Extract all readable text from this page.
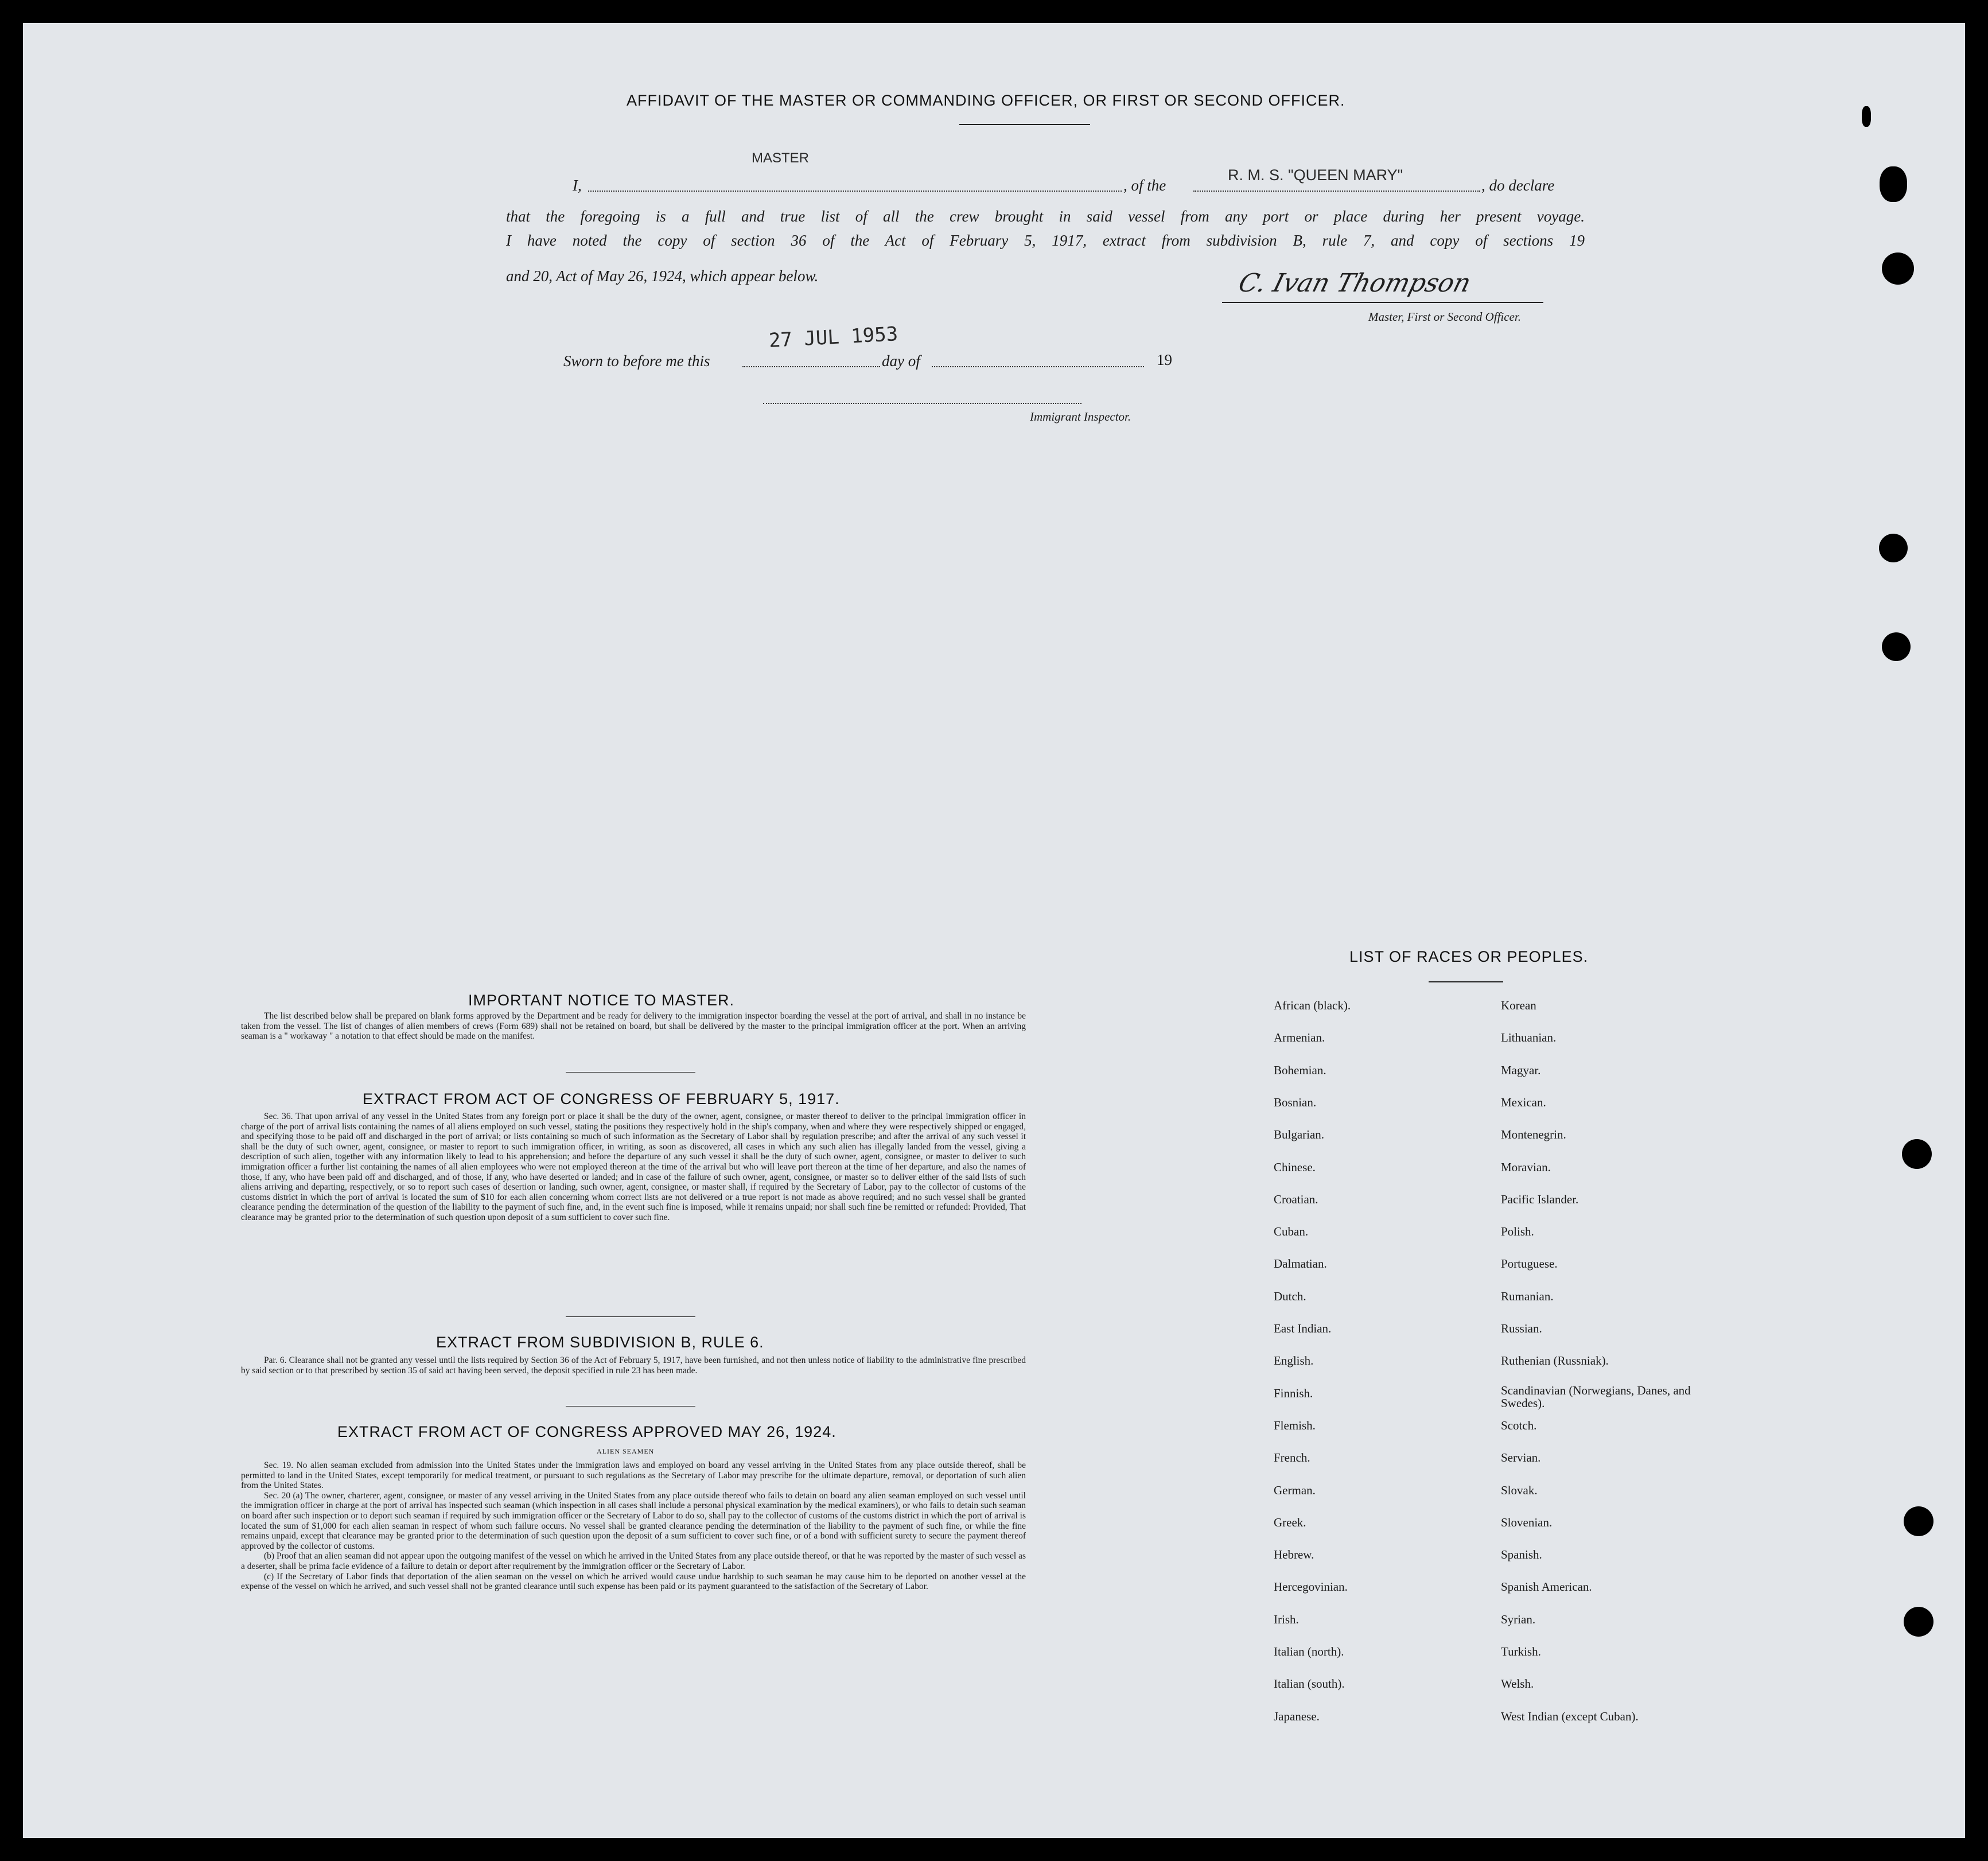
AFFIDAVIT OF THE MASTER OR COMMANDING OFFICER, OR FIRST OR SECOND OFFICER.
I,
MASTER
, of the
R. M. S. "QUEEN MARY"
, do declare
that the foregoing is a full and true list of all the crew brought in said vessel from any port or place during her present voyage.
I have noted the copy of section 36 of the Act of February 5, 1917, extract from subdivision B, rule 7, and copy of sections 19
and 20, Act of May 26, 1924, which appear below.	C. Ivan Thompson
Master, First or Second Officer.
Sworn to before me this
27 JUL 1953
day of	19
Immigrant Inspector.
IMPORTANT NOTICE TO MASTER.

The list described below shall be prepared on blank forms approved by the Department and be ready for delivery to the immigration inspector boarding the vessel at the port of arrival, and shall in no instance be taken from the vessel. The list of changes of alien members of crews (Form 689) shall not be retained on board, but shall be delivered by the master to the principal immigration officer at the port. When an arriving seaman is a " workaway " a notation to that effect should be made on the manifest.

EXTRACT FROM ACT OF CONGRESS OF FEBRUARY 5, 1917.

Sec. 36. That upon arrival of any vessel in the United States from any foreign port or place it shall be the duty of the owner, agent, consignee, or master thereof to deliver to the principal immigration officer in charge of the port of arrival lists containing the names of all aliens employed on such vessel, stating the positions they respectively hold in the ship's company, when and where they were respectively shipped or engaged, and specifying those to be paid off and discharged in the port of arrival; or lists containing so much of such information as the Secretary of Labor shall by regulation prescribe; and after the arrival of any such vessel it shall be the duty of such owner, agent, consignee, or master to report to such immigration officer, in writing, as soon as discovered, all cases in which any such alien has illegally landed from the vessel, giving a description of such alien, together with any information likely to lead to his apprehension; and before the departure of any such vessel it shall be the duty of such owner, agent, consignee, or master to deliver to such immigration officer a further list containing the names of all alien employees who were not employed thereon at the time of the arrival but who will leave port thereon at the time of her departure, and also the names of those, if any, who have been paid off and discharged, and of those, if any, who have deserted or landed; and in case of the failure of such owner, agent, consignee, or master so to deliver either of the said lists of such aliens arriving and departing, respectively, or so to report such cases of desertion or landing, such owner, agent, consignee, or master shall, if required by the Secretary of Labor, pay to the collector of customs of the customs district in which the port of arrival is located the sum of $10 for each alien concerning whom correct lists are not delivered or a true report is not made as above required; and no such vessel shall be granted clearance pending the determination of the question of the liability to the payment of such fine, and, in the event such fine is imposed, while it remains unpaid; nor shall such fine be remitted or refunded: Provided, That clearance may be granted prior to the determination of such question upon deposit of a sum sufficient to cover such fine.

EXTRACT FROM SUBDIVISION B, RULE 6.

Par. 6. Clearance shall not be granted any vessel until the lists required by Section 36 of the Act of February 5, 1917, have been furnished, and not then unless notice of liability to the administrative fine prescribed by said section or to that prescribed by section 35 of said act having been served, the deposit specified in rule 23 has been made.

EXTRACT FROM ACT OF CONGRESS APPROVED MAY 26, 1924.
ALIEN SEAMEN

Sec. 19. No alien seaman excluded from admission into the United States under the immigration laws and employed on board any vessel arriving in the United States from any place outside thereof, shall be permitted to land in the United States, except temporarily for medical treatment, or pursuant to such regulations as the Secretary of Labor may prescribe for the ultimate departure, removal, or deportation of such alien from the United States.

Sec. 20 (a) The owner, charterer, agent, consignee, or master of any vessel arriving in the United States from any place outside thereof who fails to detain on board any alien seaman employed on such vessel until the immigration officer in charge at the port of arrival has inspected such seaman (which inspection in all cases shall include a personal physical examination by the medical examiners), or who fails to detain such seaman on board after such inspection or to deport such seaman if required by such immigration officer or the Secretary of Labor to do so, shall pay to the collector of customs of the customs district in which the port of arrival is located the sum of $1,000 for each alien seaman in respect of whom such failure occurs. No vessel shall be granted clearance pending the determination of the liability to the payment of such fine, or while the fine remains unpaid, except that clearance may be granted prior to the determination of such question upon the deposit of a sum sufficient to cover such fine, or of a bond with sufficient surety to secure the payment thereof approved by the collector of customs.

(b) Proof that an alien seaman did not appear upon the outgoing manifest of the vessel on which he arrived in the United States from any place outside thereof, or that he was reported by the master of such vessel as a deserter, shall be prima facie evidence of a failure to detain or deport after requirement by the immigration officer or the Secretary of Labor.

(c) If the Secretary of Labor finds that deportation of the alien seaman on the vessel on which he arrived would cause undue hardship to such seaman he may cause him to be deported on another vessel at the expense of the vessel on which he arrived, and such vessel shall not be granted clearance until such expense has been paid or its payment guaranteed to the satisfaction of the Secretary of Labor.

LIST OF RACES OR PEOPLES.
African (black).
Armenian.
Bohemian.
Bosnian.
Bulgarian.
Chinese.
Croatian.
Cuban.
Dalmatian.
Dutch.
East Indian.
English.
Finnish.
Flemish.
French.
German.
Greek.
Hebrew.
Hercegovinian.
Irish.
Italian (north).
Italian (south).
Japanese.
Korean
Lithuanian.
Magyar.
Mexican.
Montenegrin.
Moravian.
Pacific Islander.
Polish.
Portuguese.
Rumanian.
Russian.
Ruthenian (Russniak).
Scandinavian (Norwegians, Danes, and Swedes).
Scotch.
Servian.
Slovak.
Slovenian.
Spanish.
Spanish American.
Syrian.
Turkish.
Welsh.
West Indian (except Cuban).
